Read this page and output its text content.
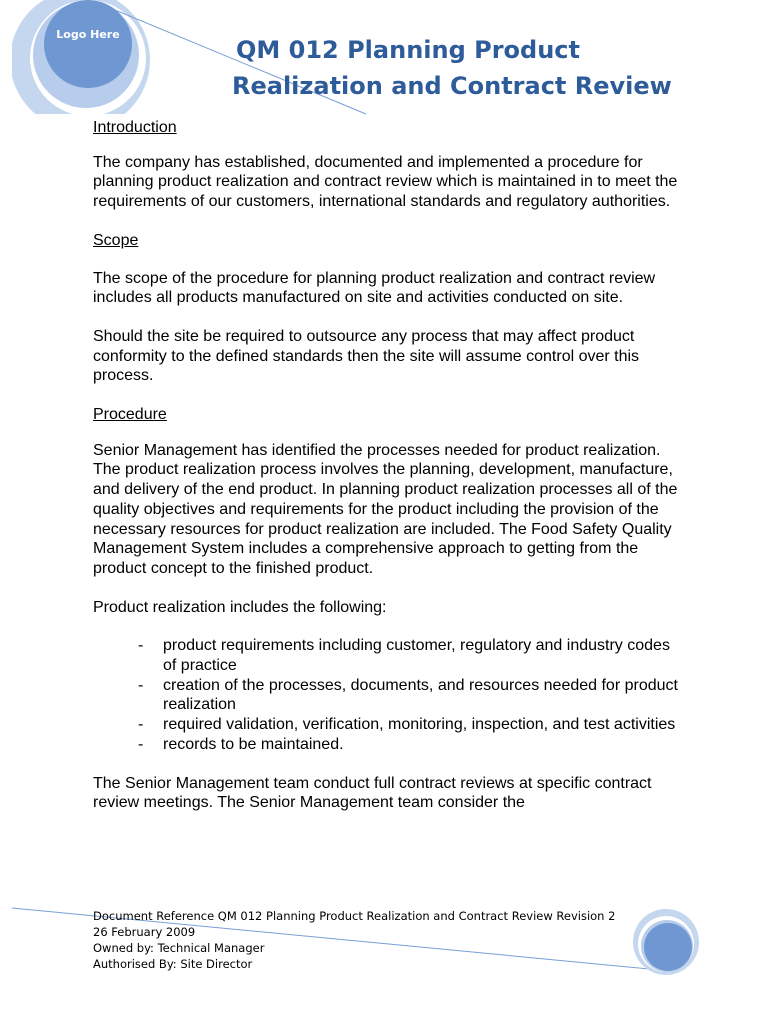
Logo Here
QM 012 Planning Product
Realization and Contract Review
Introduction

The company has established, documented and implemented a procedure for planning product realization and contract review which is maintained in to meet the requirements of our customers, international standards and regulatory authorities.

Scope

The scope of the procedure for planning product realization and contract review includes all products manufactured on site and activities conducted on site.

Should the site be required to outsource any process that may affect product conformity to the defined standards then the site will assume control over this process.

Procedure

Senior Management has identified the processes needed for product realization. The product realization process involves the planning, development, manufacture, and delivery of the end product. In planning product realization processes all of the quality objectives and requirements for the product including the provision of the necessary resources for product realization are included. The Food Safety Quality Management System includes a comprehensive approach to getting from the product concept to the finished product.

Product realization includes the following:

- product requirements including customer, regulatory and industry codes of practice
- creation of the processes, documents, and resources needed for product realization
- required validation, verification, monitoring, inspection, and test activities
- records to be maintained.

The Senior Management team conduct full contract reviews at specific contract review meetings. The Senior Management team consider the

Document Reference QM 012 Planning Product Realization and Contract Review Revision 2
26 February 2009
Owned by: Technical Manager
Authorised By: Site Director
